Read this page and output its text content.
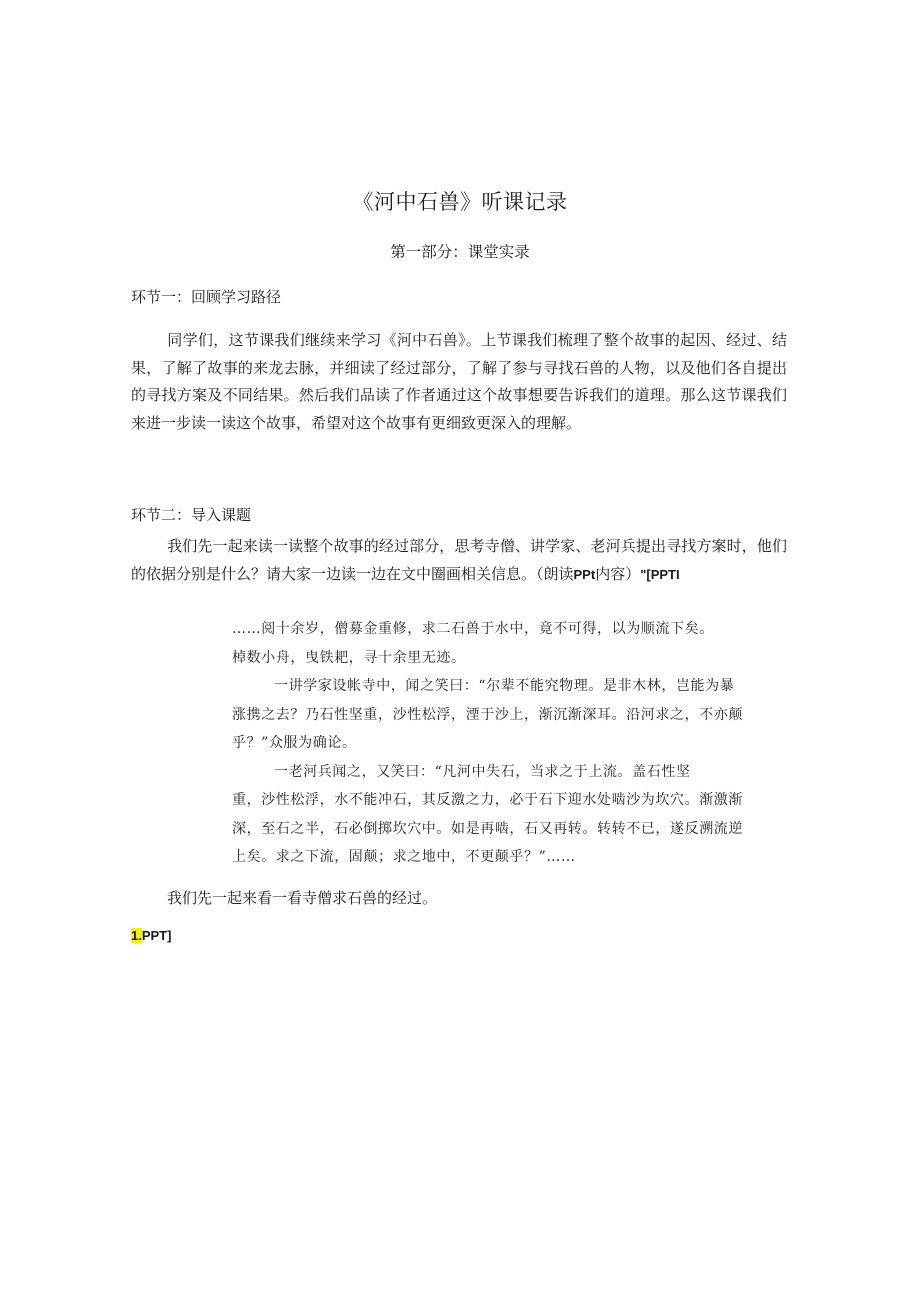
《河中石兽》听课记录
第一部分：课堂实录
环节一：回顾学习路径
同学们，这节课我们继续来学习《河中石兽》。上节课我们梳理了整个故事的起因、经过、结果，了解了故事的来龙去脉，并细读了经过部分，了解了参与寻找石兽的人物，以及他们各自提出的寻找方案及不同结果。然后我们品读了作者通过这个故事想要告诉我们的道理。那么这节课我们来进一步读一读这个故事，希望对这个故事有更细致更深入的理解。
环节二：导入课题
我们先一起来读一读整个故事的经过部分，思考寺僧、讲学家、老河兵提出寻找方案时，他们的依据分别是什么？请大家一边读一边在文中圈画相关信息。（朗读PPt内容）"[PPTI
……阅十余岁，僧募金重修，求二石兽于水中，竟不可得，以为顺流下矣。
棹数小舟，曳铁耙，寻十余里无迹。
一讲学家设帐寺中，闻之笑曰：“尔辈不能究物理。是非木林，岂能为暴
涨携之去？乃石性坚重，沙性松浮，湮于沙上，渐沉渐深耳。沿河求之，不亦颠
乎？”众服为确论。
一老河兵闻之，又笑曰：“凡河中失石，当求之于上流。盖石性坚
重，沙性松浮，水不能冲石，其反激之力，必于石下迎水处啮沙为坎穴。渐激渐
深，至石之半，石必倒掷坎穴中。如是再啮，石又再转。转转不已，遂反溯流逆
上矣。求之下流，固颠；求之地中，不更颠乎？”……
我们先一起来看一看寺僧求石兽的经过。
1.PPT]
